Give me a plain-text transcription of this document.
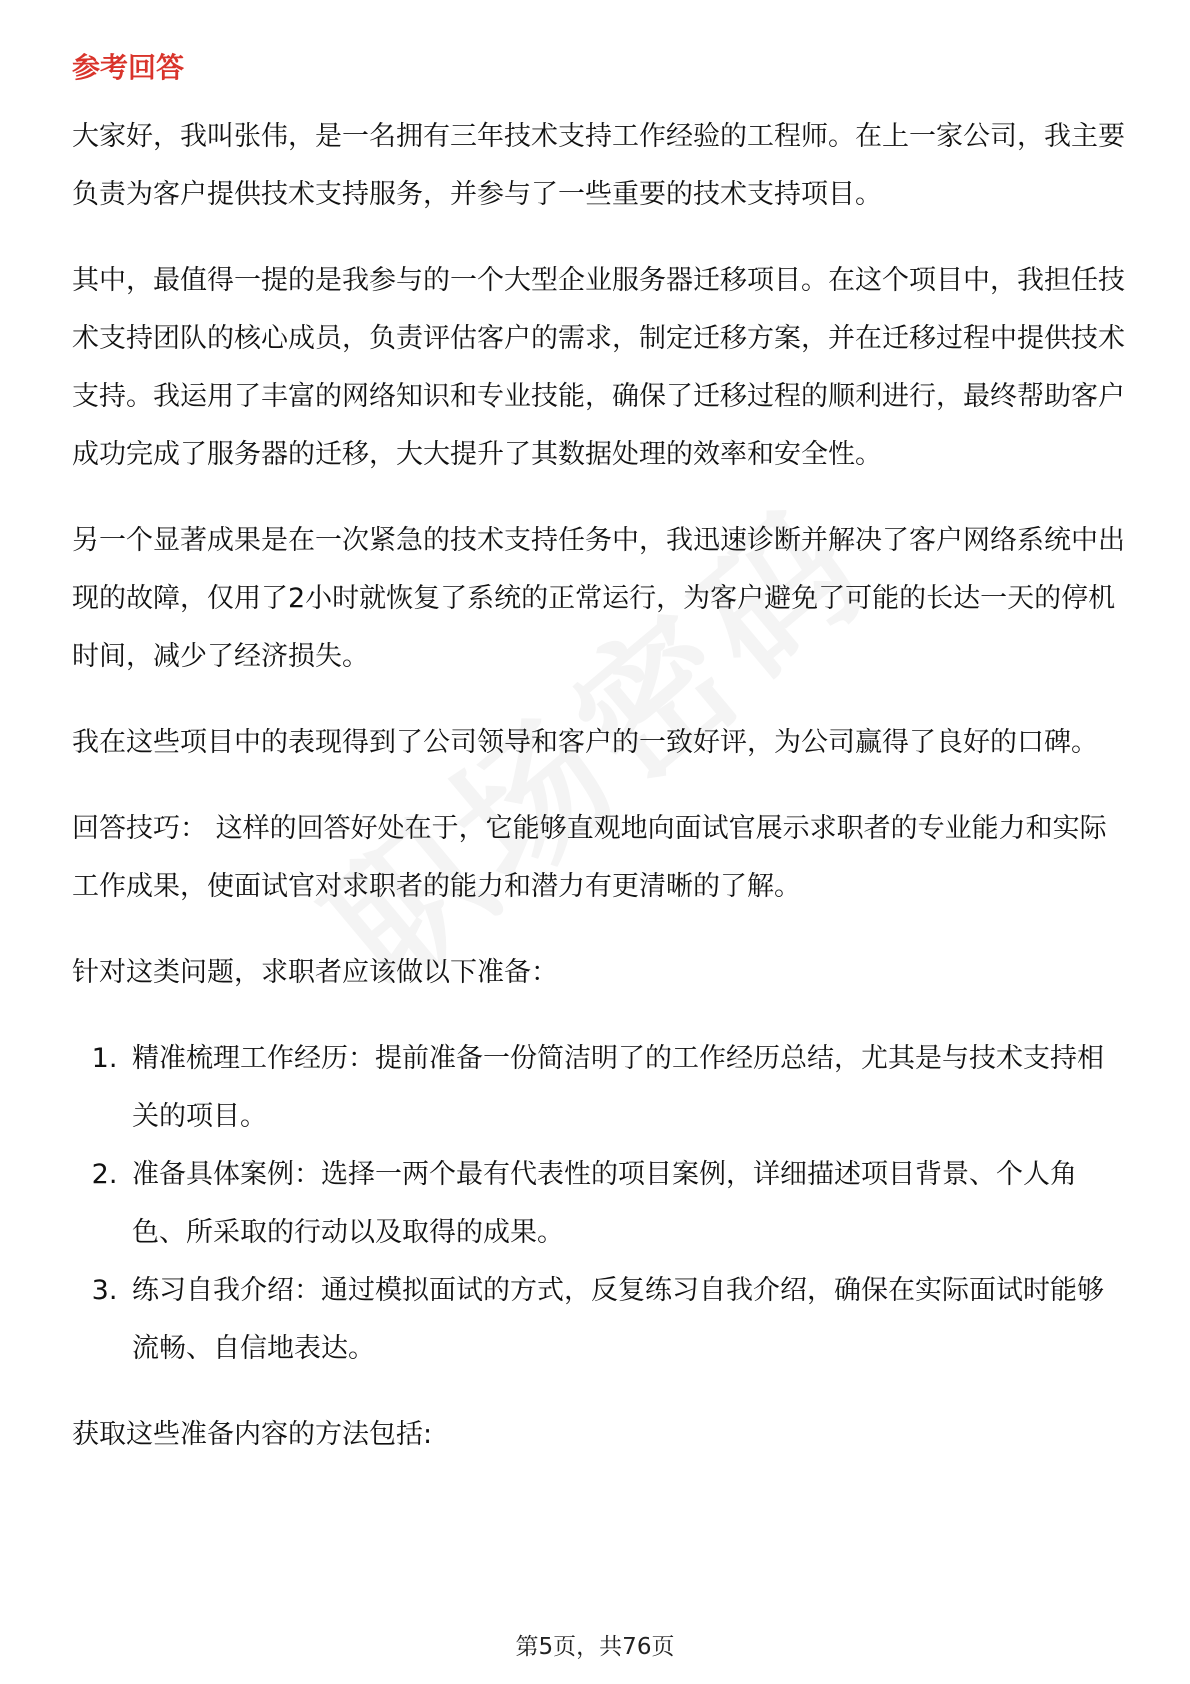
参考回答

大家好，我叫张伟，是一名拥有三年技术支持工作经验的工程师。在上一家公司，我主要负责为客户提供技术支持服务，并参与了一些重要的技术支持项目。

其中，最值得一提的是我参与的一个大型企业服务器迁移项目。在这个项目中，我担任技术支持团队的核心成员，负责评估客户的需求，制定迁移方案，并在迁移过程中提供技术支持。我运用了丰富的网络知识和专业技能，确保了迁移过程的顺利进行，最终帮助客户成功完成了服务器的迁移，大大提升了其数据处理的效率和安全性。

另一个显著成果是在一次紧急的技术支持任务中，我迅速诊断并解决了客户网络系统中出现的故障，仅用了2小时就恢复了系统的正常运行，为客户避免了可能的长达一天的停机时间，减少了经济损失。

我在这些项目中的表现得到了公司领导和客户的一致好评，为公司赢得了良好的口碑。

回答技巧： 这样的回答好处在于，它能够直观地向面试官展示求职者的专业能力和实际工作成果，使面试官对求职者的能力和潜力有更清晰的了解。

针对这类问题，求职者应该做以下准备：

1. 精准梳理工作经历：提前准备一份简洁明了的工作经历总结，尤其是与技术支持相关的项目。
2. 准备具体案例：选择一两个最有代表性的项目案例，详细描述项目背景、个人角色、所采取的行动以及取得的成果。
3. 练习自我介绍：通过模拟面试的方式，反复练习自我介绍，确保在实际面试时能够流畅、自信地表达。

获取这些准备内容的方法包括:

第5页，共76页
